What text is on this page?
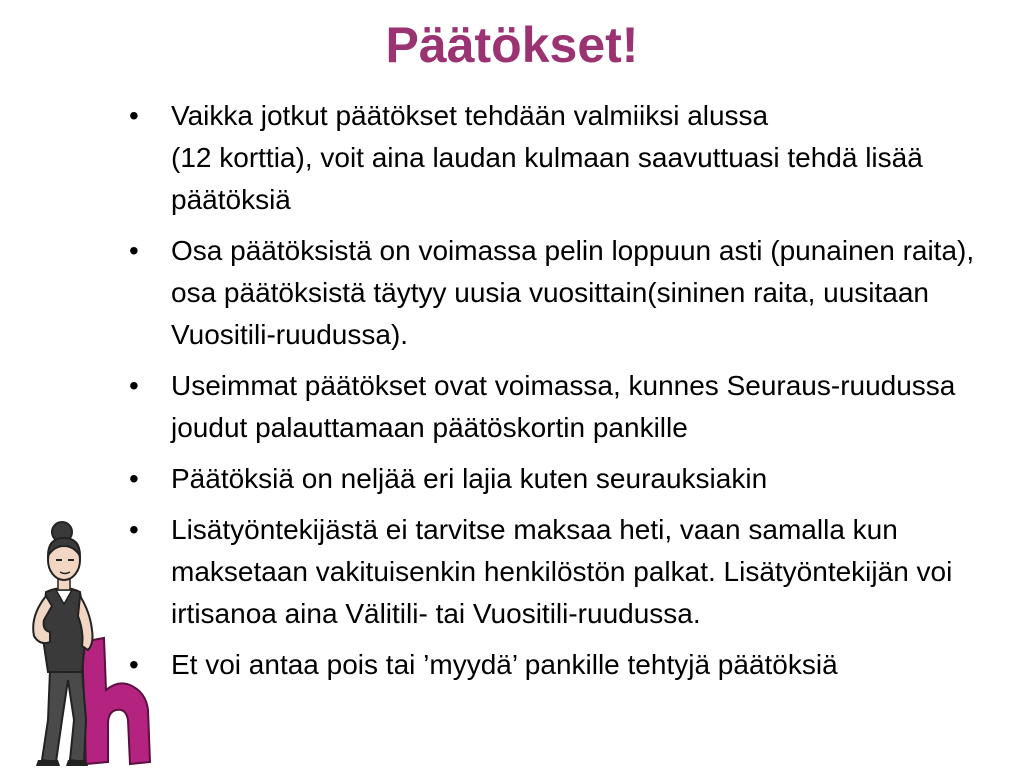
Päätökset!
•	Vaikka jotkut päätökset tehdään valmiiksi alussa
(12 korttia), voit aina laudan kulmaan saavuttuasi tehdä lisää päätöksiä
•	Osa päätöksistä on voimassa pelin loppuun asti (punainen raita), osa päätöksistä täytyy uusia vuosittain(sininen raita, uusitaan Vuositili-ruudussa).
•	Useimmat päätökset ovat voimassa, kunnes Seuraus-ruudussa joudut palauttamaan päätöskortin pankille
•	Päätöksiä on neljää eri lajia kuten seurauksiakin
•	Lisätyöntekijästä ei tarvitse maksaa heti, vaan samalla kun maksetaan vakituisenkin henkilöstön palkat. Lisätyöntekijän voi irtisanoa aina Välitili- tai Vuositili-ruudussa.
•	Et voi antaa pois tai ’myydä’ pankille tehtyjä päätöksiä
